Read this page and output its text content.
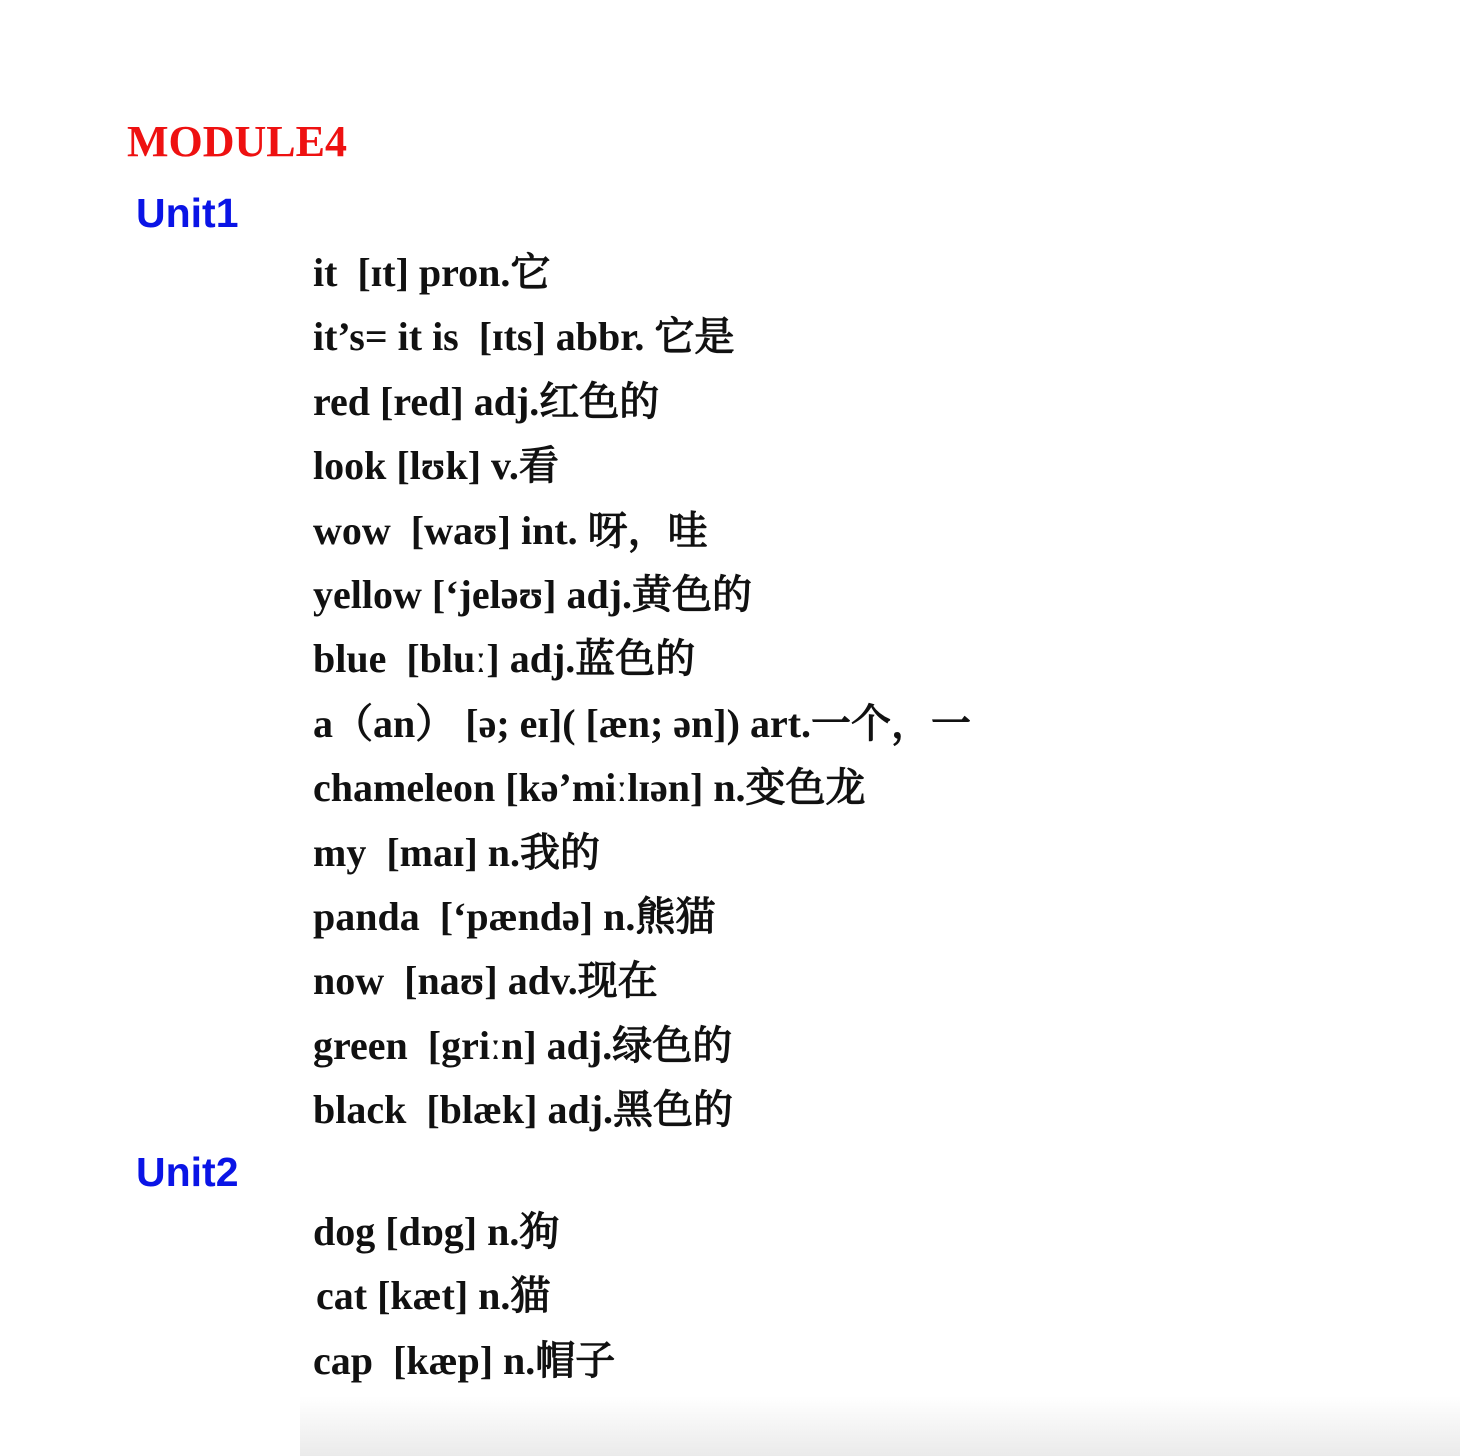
MODULE4
Unit1
it  [ɪt] pron.它
it’s= it is  [ɪts] abbr. 它是
red [red] adj.红色的
look [lʊk] v.看
wow  [waʊ] int. 呀，哇
yellow [‘jeləʊ] adj.黄色的
blue  [bluː] adj.蓝色的
a（an） [ə; eɪ]( [æn; ən]) art.一个，一
chameleon [kə’miːlɪən] n.变色龙
my  [maɪ] n.我的
panda  [‘pændə] n.熊猫
now  [naʊ] adv.现在
green  [griːn] adj.绿色的
black  [blæk] adj.黑色的
Unit2
dog [dɒg] n.狗
cat [kæt] n.猫
cap  [kæp] n.帽子
